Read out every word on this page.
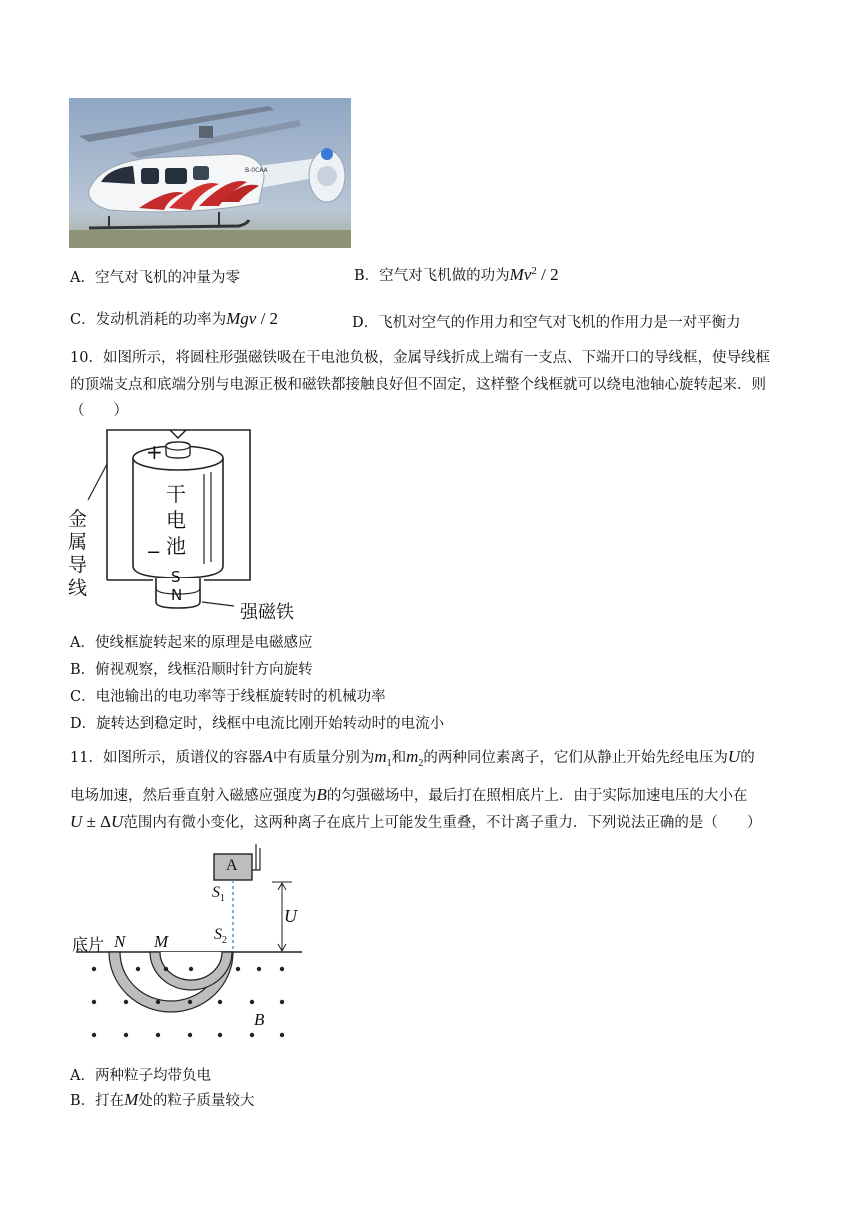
B-0CAA
A．空气对飞机的冲量为零	B．空气对飞机做的功为Mv$^2$ / 2
C．发动机消耗的功率为Mgv / 2	D．飞机对空气的作用力和空气对飞机的作用力是一对平衡力
10．如图所示，将圆柱形强磁铁吸在干电池负极，金属导线折成上端有一支点、下端开口的导线框，使导线框
的顶端支点和底端分别与电源正极和磁铁都接触良好但不固定，这样整个线框就可以绕电池轴心旋转起来．则
（　　）
+
−
干
电
池
金
属
导
线	S
N
强磁铁
A．使线框旋转起来的原理是电磁感应
B．俯视观察，线框沿顺时针方向旋转
C．电池输出的电功率等于线框旋转时的机械功率
D．旋转达到稳定时，线框中电流比刚开始转动时的电流小
11．如图所示，质谱仪的容器A中有质量分别为$m_1$和$m_2$的两种同位素离子，它们从静止开始先经电压为U的
电场加速，然后垂直射入磁感应强度为B的匀强磁场中，最后打在照相底片上．由于实际加速电压的大小在
U ± ΔU范围内有微小变化，这两种离子在底片上可能发生重叠，不计离子重力．下列说法正确的是（　　）
A
$S_1$
$S_2$
U
底片 N M
B
A．两种粒子均带负电
B．打在M处的粒子质量较大
